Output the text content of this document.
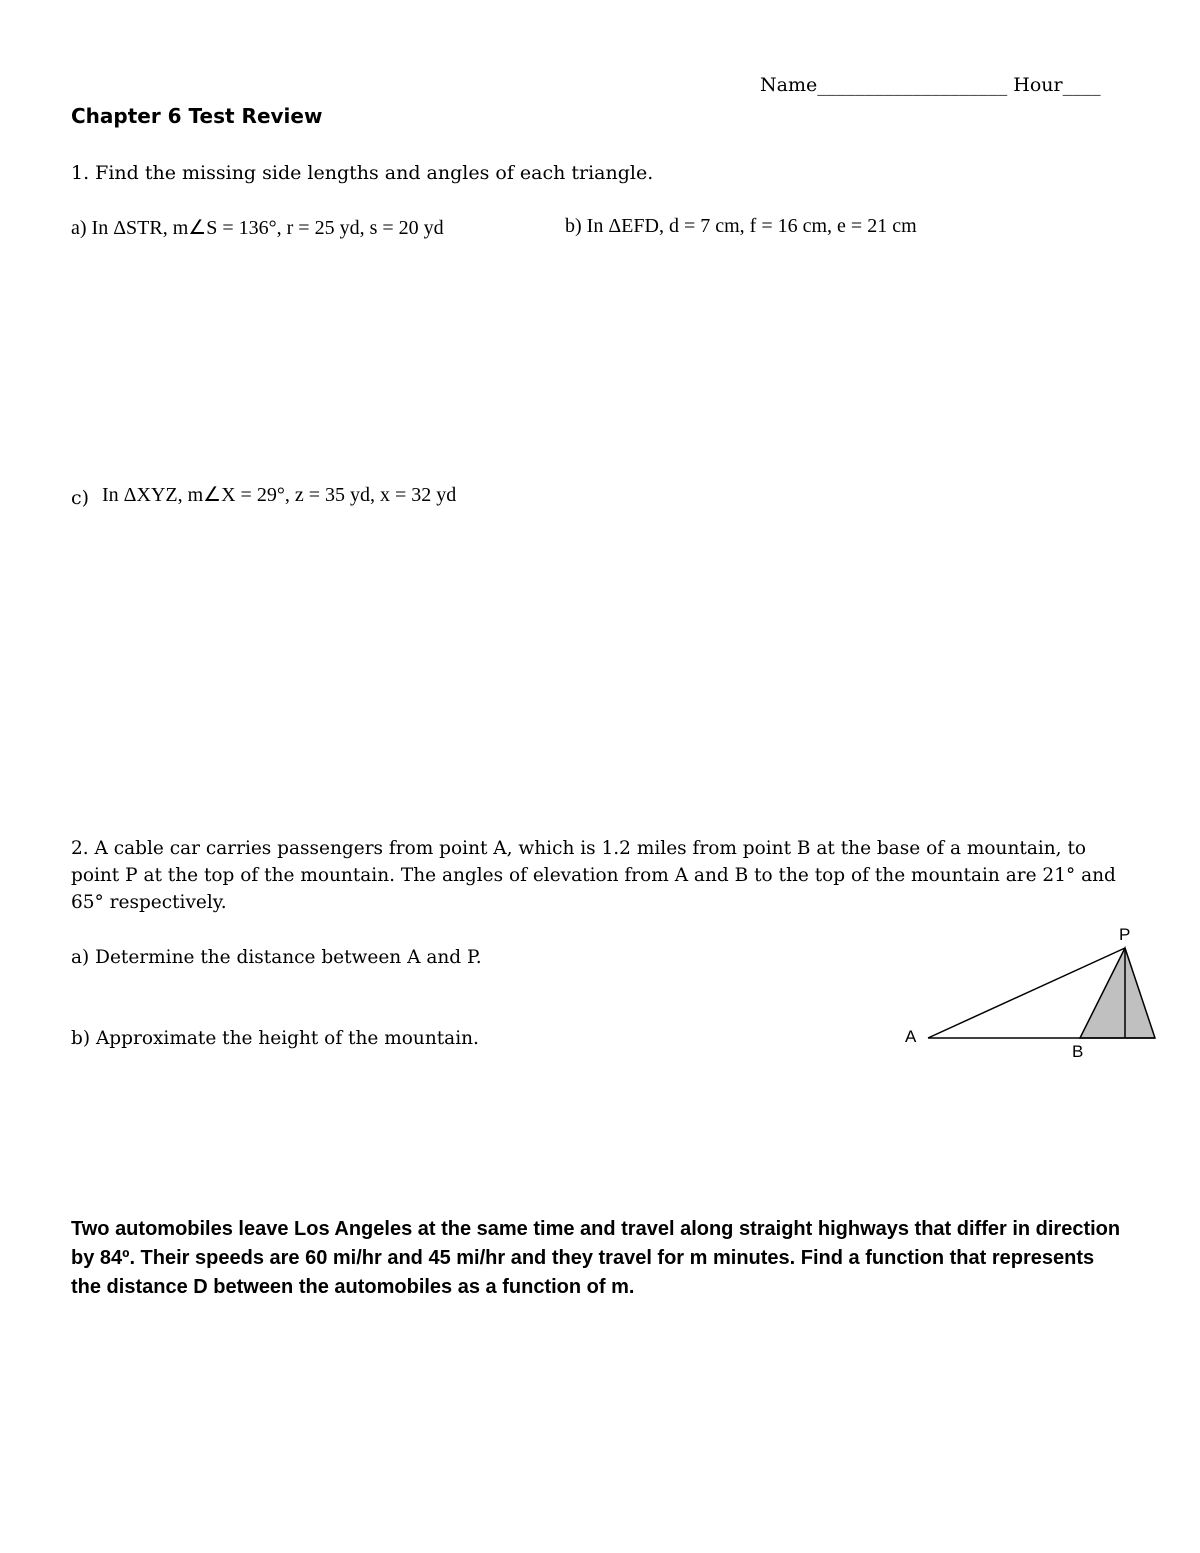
Name____________________ Hour____
Chapter 6 Test Review
1. Find the missing side lengths and angles of each triangle.
a) In ΔSTR, m∠S = 136°, r = 25 yd, s = 20 yd	b) In ΔEFD, d = 7 cm, f = 16 cm, e = 21 cm
c) In ΔXYZ, m∠X = 29°, z = 35 yd, x = 32 yd
2. A cable car carries passengers from point A, which is 1.2 miles from point B at the base of a mountain, to
point P at the top of the mountain. The angles of elevation from A and B to the top of the mountain are 21° and
65° respectively.
a) Determine the distance between A and P.
b) Approximate the height of the mountain.	A
B
P
Two automobiles leave Los Angeles at the same time and travel along straight highways that differ in direction
by 84º. Their speeds are 60 mi/hr and 45 mi/hr and they travel for m minutes. Find a function that represents
the distance D between the automobiles as a function of m.
